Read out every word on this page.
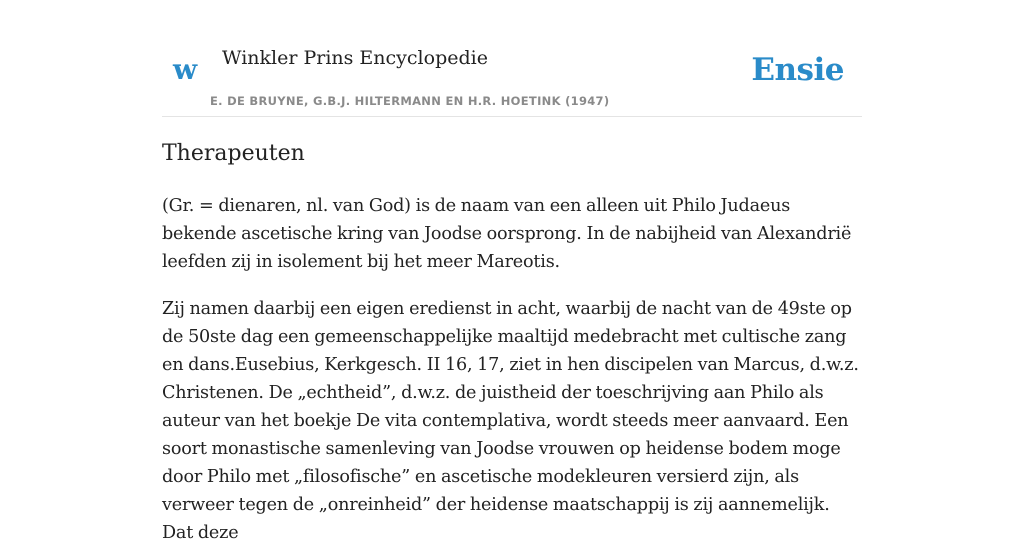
w Winkler Prins Encyclopedie
E. DE BRUYNE, G.B.J. HILTERMANN EN H.R. HOETINK (1947)
Ensie
Therapeuten

(Gr. = dienaren, nl. van God) is de naam van een alleen uit Philo Judaeus bekende ascetische kring van Joodse oorsprong. In de nabijheid van Alexandrië leefden zij in isolement bij het meer Mareotis.

Zij namen daarbij een eigen eredienst in acht, waarbij de nacht van de 49ste op de 50ste dag een gemeenschappelijke maaltijd medebracht met cultische zang en dans.Eusebius, Kerkgesch. II 16, 17, ziet in hen discipelen van Marcus, d.w.z. Christenen. De „echtheid”, d.w.z. de juistheid der toeschrijving aan Philo als auteur van het boekje De vita contemplativa, wordt steeds meer aanvaard. Een soort monastische samenleving van Joodse vrouwen op heidense bodem moge door Philo met „filosofische” en ascetische modekleuren versierd zijn, als verweer tegen de „onreinheid” der heidense maatschappij is zij aannemelijk. Dat deze
